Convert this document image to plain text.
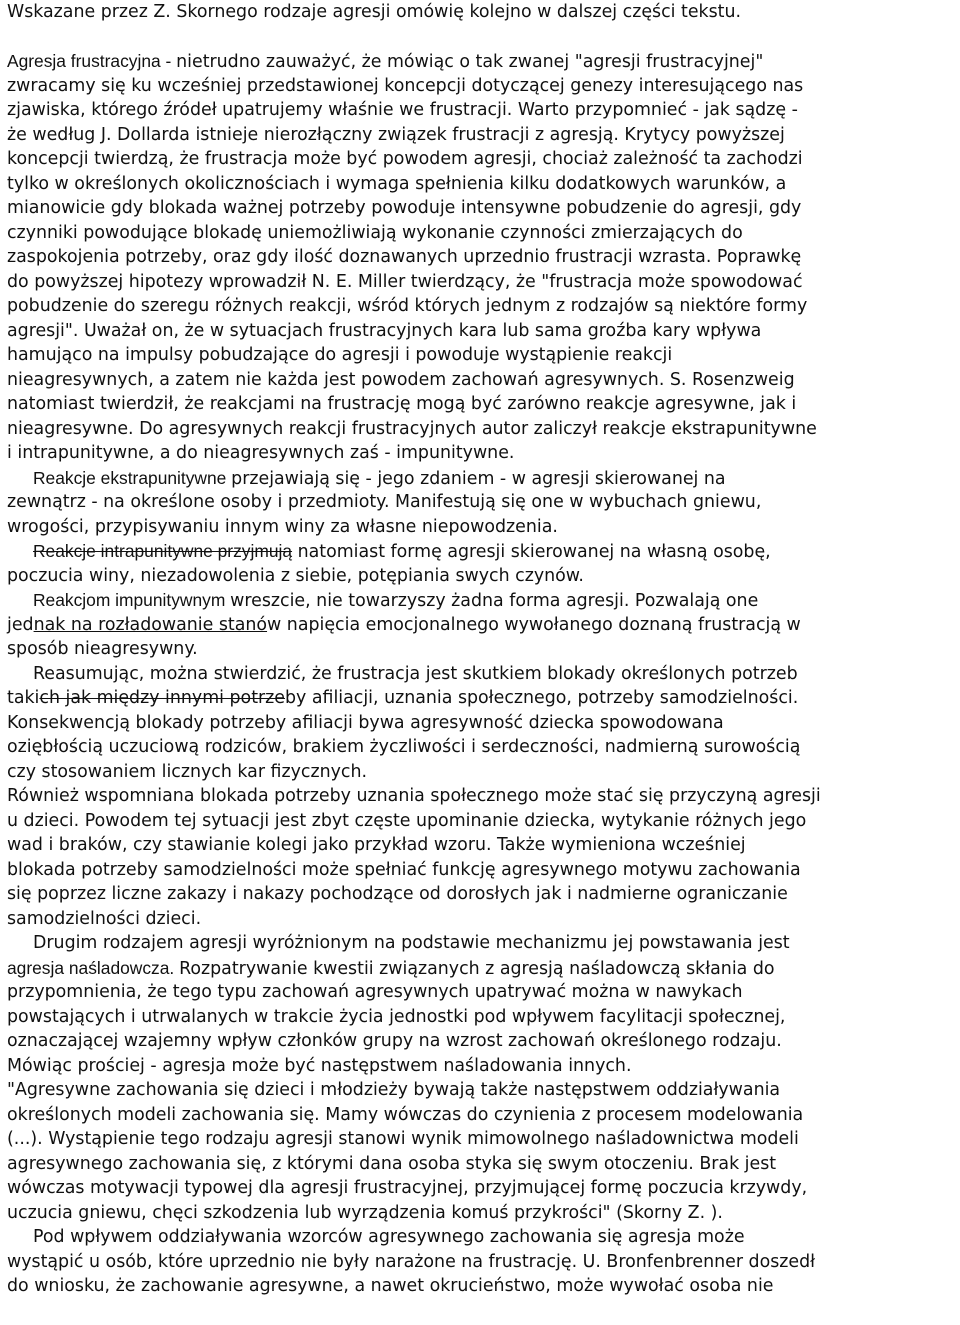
Wskazane przez Z. Skornego rodzaje agresji omówię kolejno w dalszej części tekstu.
Agresja frustracyjna - nietrudno zauważyć, że mówiąc o tak zwanej "agresji frustracyjnej"
zwracamy się ku wcześniej przedstawionej koncepcji dotyczącej genezy interesującego nas
zjawiska, którego źródeł upatrujemy właśnie we frustracji. Warto przypomnieć - jak sądzę -
że według J. Dollarda istnieje nierozłączny związek frustracji z agresją. Krytycy powyższej
koncepcji twierdzą, że frustracja może być powodem agresji, chociaż zależność ta zachodzi
tylko w określonych okolicznościach i wymaga spełnienia kilku dodatkowych warunków, a
mianowicie gdy blokada ważnej potrzeby powoduje intensywne pobudzenie do agresji, gdy
czynniki powodujące blokadę uniemożliwiają wykonanie czynności zmierzających do
zaspokojenia potrzeby, oraz gdy ilość doznawanych uprzednio frustracji wzrasta. Poprawkę
do powyższej hipotezy wprowadził N. E. Miller twierdzący, że "frustracja może spowodować
pobudzenie do szeregu różnych reakcji, wśród których jednym z rodzajów są niektóre formy
agresji". Uważał on, że w sytuacjach frustracyjnych kara lub sama groźba kary wpływa
hamująco na impulsy pobudzające do agresji i powoduje wystąpienie reakcji
nieagresywnych, a zatem nie każda jest powodem zachowań agresywnych. S. Rosenzweig
natomiast twierdził, że reakcjami na frustrację mogą być zarówno reakcje agresywne, jak i
nieagresywne. Do agresywnych reakcji frustracyjnych autor zaliczył reakcje ekstrapunitywne
i intrapunitywne, a do nieagresywnych zaś - impunitywne.
Reakcje ekstrapunitywne przejawiają się - jego zdaniem - w agresji skierowanej na
zewnątrz - na określone osoby i przedmioty. Manifestują się one w wybuchach gniewu,
wrogości, przypisywaniu innym winy za własne niepowodzenia.
Reakcje intrapunitywne przyjmują natomiast formę agresji skierowanej na własną osobę,
poczucia winy, niezadowolenia z siebie, potępiania swych czynów.
Reakcjom impunitywnym wreszcie, nie towarzyszy żadna forma agresji. Pozwalają one
jednak na rozładowanie stanów napięcia emocjonalnego wywołanego doznaną frustracją w
sposób nieagresywny.
Reasumując, można stwierdzić, że frustracja jest skutkiem blokady określonych potrzeb
takich jak między innymi potrzeby afiliacji, uznania społecznego, potrzeby samodzielności.
Konsekwencją blokady potrzeby afiliacji bywa agresywność dziecka spowodowana
oziębłością uczuciową rodziców, brakiem życzliwości i serdeczności, nadmierną surowością
czy stosowaniem licznych kar fizycznych.
Również wspomniana blokada potrzeby uznania społecznego może stać się przyczyną agresji
u dzieci. Powodem tej sytuacji jest zbyt częste upominanie dziecka, wytykanie różnych jego
wad i braków, czy stawianie kolegi jako przykład wzoru. Także wymieniona wcześniej
blokada potrzeby samodzielności może spełniać funkcję agresywnego motywu zachowania
się poprzez liczne zakazy i nakazy pochodzące od dorosłych jak i nadmierne ograniczanie
samodzielności dzieci.
Drugim rodzajem agresji wyróżnionym na podstawie mechanizmu jej powstawania jest
agresja naśladowcza. Rozpatrywanie kwestii związanych z agresją naśladowczą skłania do
przypomnienia, że tego typu zachowań agresywnych upatrywać można w nawykach
powstających i utrwalanych w trakcie życia jednostki pod wpływem facylitacji społecznej,
oznaczającej wzajemny wpływ członków grupy na wzrost zachowań określonego rodzaju.
Mówiąc prościej - agresja może być następstwem naśladowania innych.
"Agresywne zachowania się dzieci i młodzieży bywają także następstwem oddziaływania
określonych modeli zachowania się. Mamy wówczas do czynienia z procesem modelowania
(...). Wystąpienie tego rodzaju agresji stanowi wynik mimowolnego naśladownictwa modeli
agresywnego zachowania się, z którymi dana osoba styka się swym otoczeniu. Brak jest
wówczas motywacji typowej dla agresji frustracyjnej, przyjmującej formę poczucia krzywdy,
uczucia gniewu, chęci szkodzenia lub wyrządzenia komuś przykrości" (Skorny Z. ).
Pod wpływem oddziaływania wzorców agresywnego zachowania się agresja może
wystąpić u osób, które uprzednio nie były narażone na frustrację. U. Bronfenbrenner doszedł
do wniosku, że zachowanie agresywne, a nawet okrucieństwo, może wywołać osoba nie
